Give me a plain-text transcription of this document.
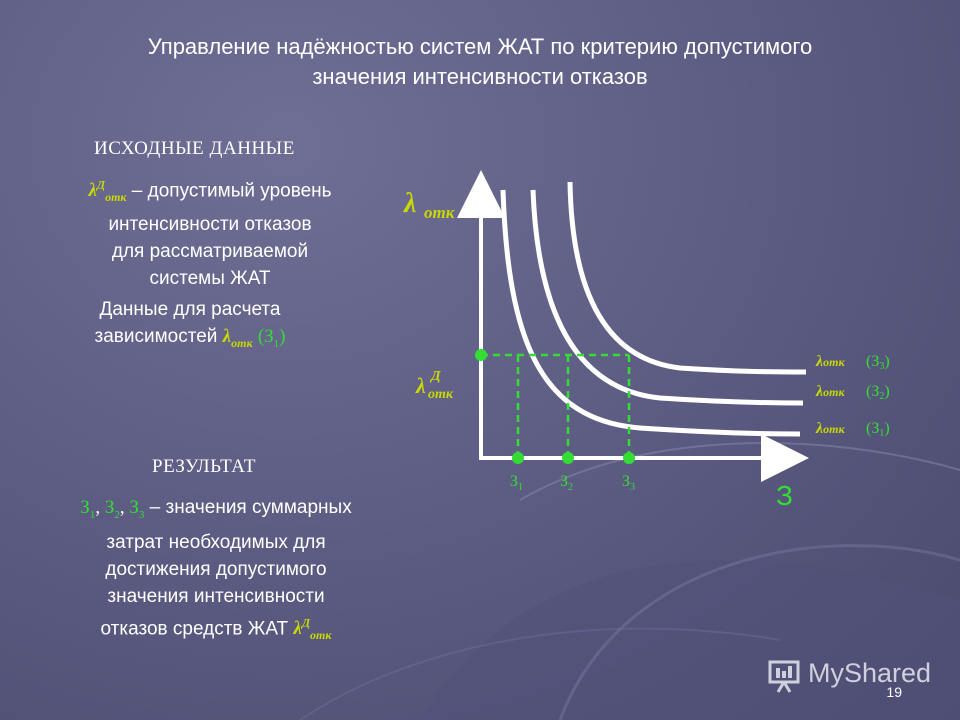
Управление надёжностью систем ЖАТ по критерию допустимого
значения интенсивности отказов
ИСХОДНЫЕ ДАННЫЕ
$\lambda^Д_{отк}$ – допустимый уровень
интенсивности отказов
для рассматриваемой
системы ЖАТ
Данные для расчета
зависимостей $\lambda_{отк}$ $(З_1)$
РЕЗУЛЬТАТ
$З_1$, $З_2$, $З_3$ – значения суммарных
затрат необходимых для
достижения допустимого
значения интенсивности
отказов средств ЖАТ $\lambda^Д_{отк}$
λ отк
λ Д
отк
З
$З_1$ $З_2$	$З_3$
λотк (З3)
λотк (З2)
λотк (З1)
MyShared
19
